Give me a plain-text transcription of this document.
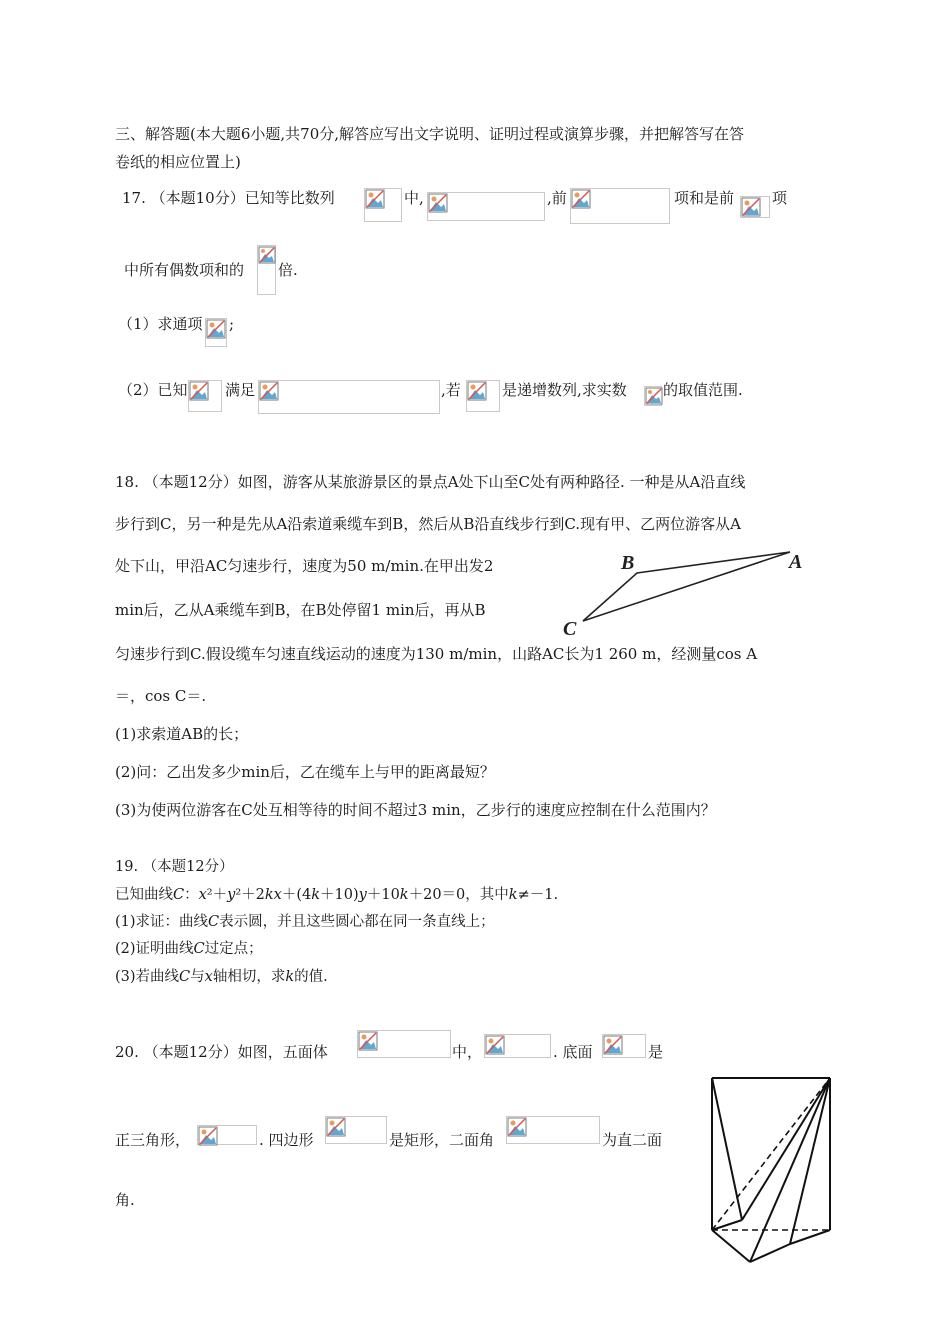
三、解答题(本大题6小题,共70分,解答应写出文字说明、证明过程或演算步骤，并把解答写在答
卷纸的相应位置上)
17. （本题10分）已知等比数列	中,	,前	项和是前	项
中所有偶数项和的 倍.
（1）求通项 ;
（2）已知 满足	,若	是递增数列,求实数 的取值范围.
18. （本题12分）如图，游客从某旅游景区的景点A处下山至C处有两种路径. 一种是从A沿直线
步行到C，另一种是先从A沿索道乘缆车到B，然后从B沿直线步行到C.现有甲、乙两位游客从A
处下山，甲沿AC匀速步行，速度为50 m/min.在甲出发2
min后，乙从A乘缆车到B，在B处停留1 min后，再从B
匀速步行到C.假设缆车匀速直线运动的速度为130 m/min，山路AC长为1 260 m，经测量cos A
＝，cos C＝.
B	A
C
(1)求索道AB的长；
(2)问：乙出发多少min后，乙在缆车上与甲的距离最短？
(3)为使两位游客在C处互相等待的时间不超过3 min，乙步行的速度应控制在什么范围内？
19. （本题12分）
已知曲线C：x²＋y²＋2kx＋(4k＋10)y＋10k＋20＝0，其中k≠－1.
(1)求证：曲线C表示圆，并且这些圆心都在同一条直线上；
(2)证明曲线C过定点；
(3)若曲线C与x轴相切，求k的值.
20. （本题12分）如图，五面体	中，	. 底面	是
正三角形，	. 四边形	是矩形，二面角	为直二面
角.
